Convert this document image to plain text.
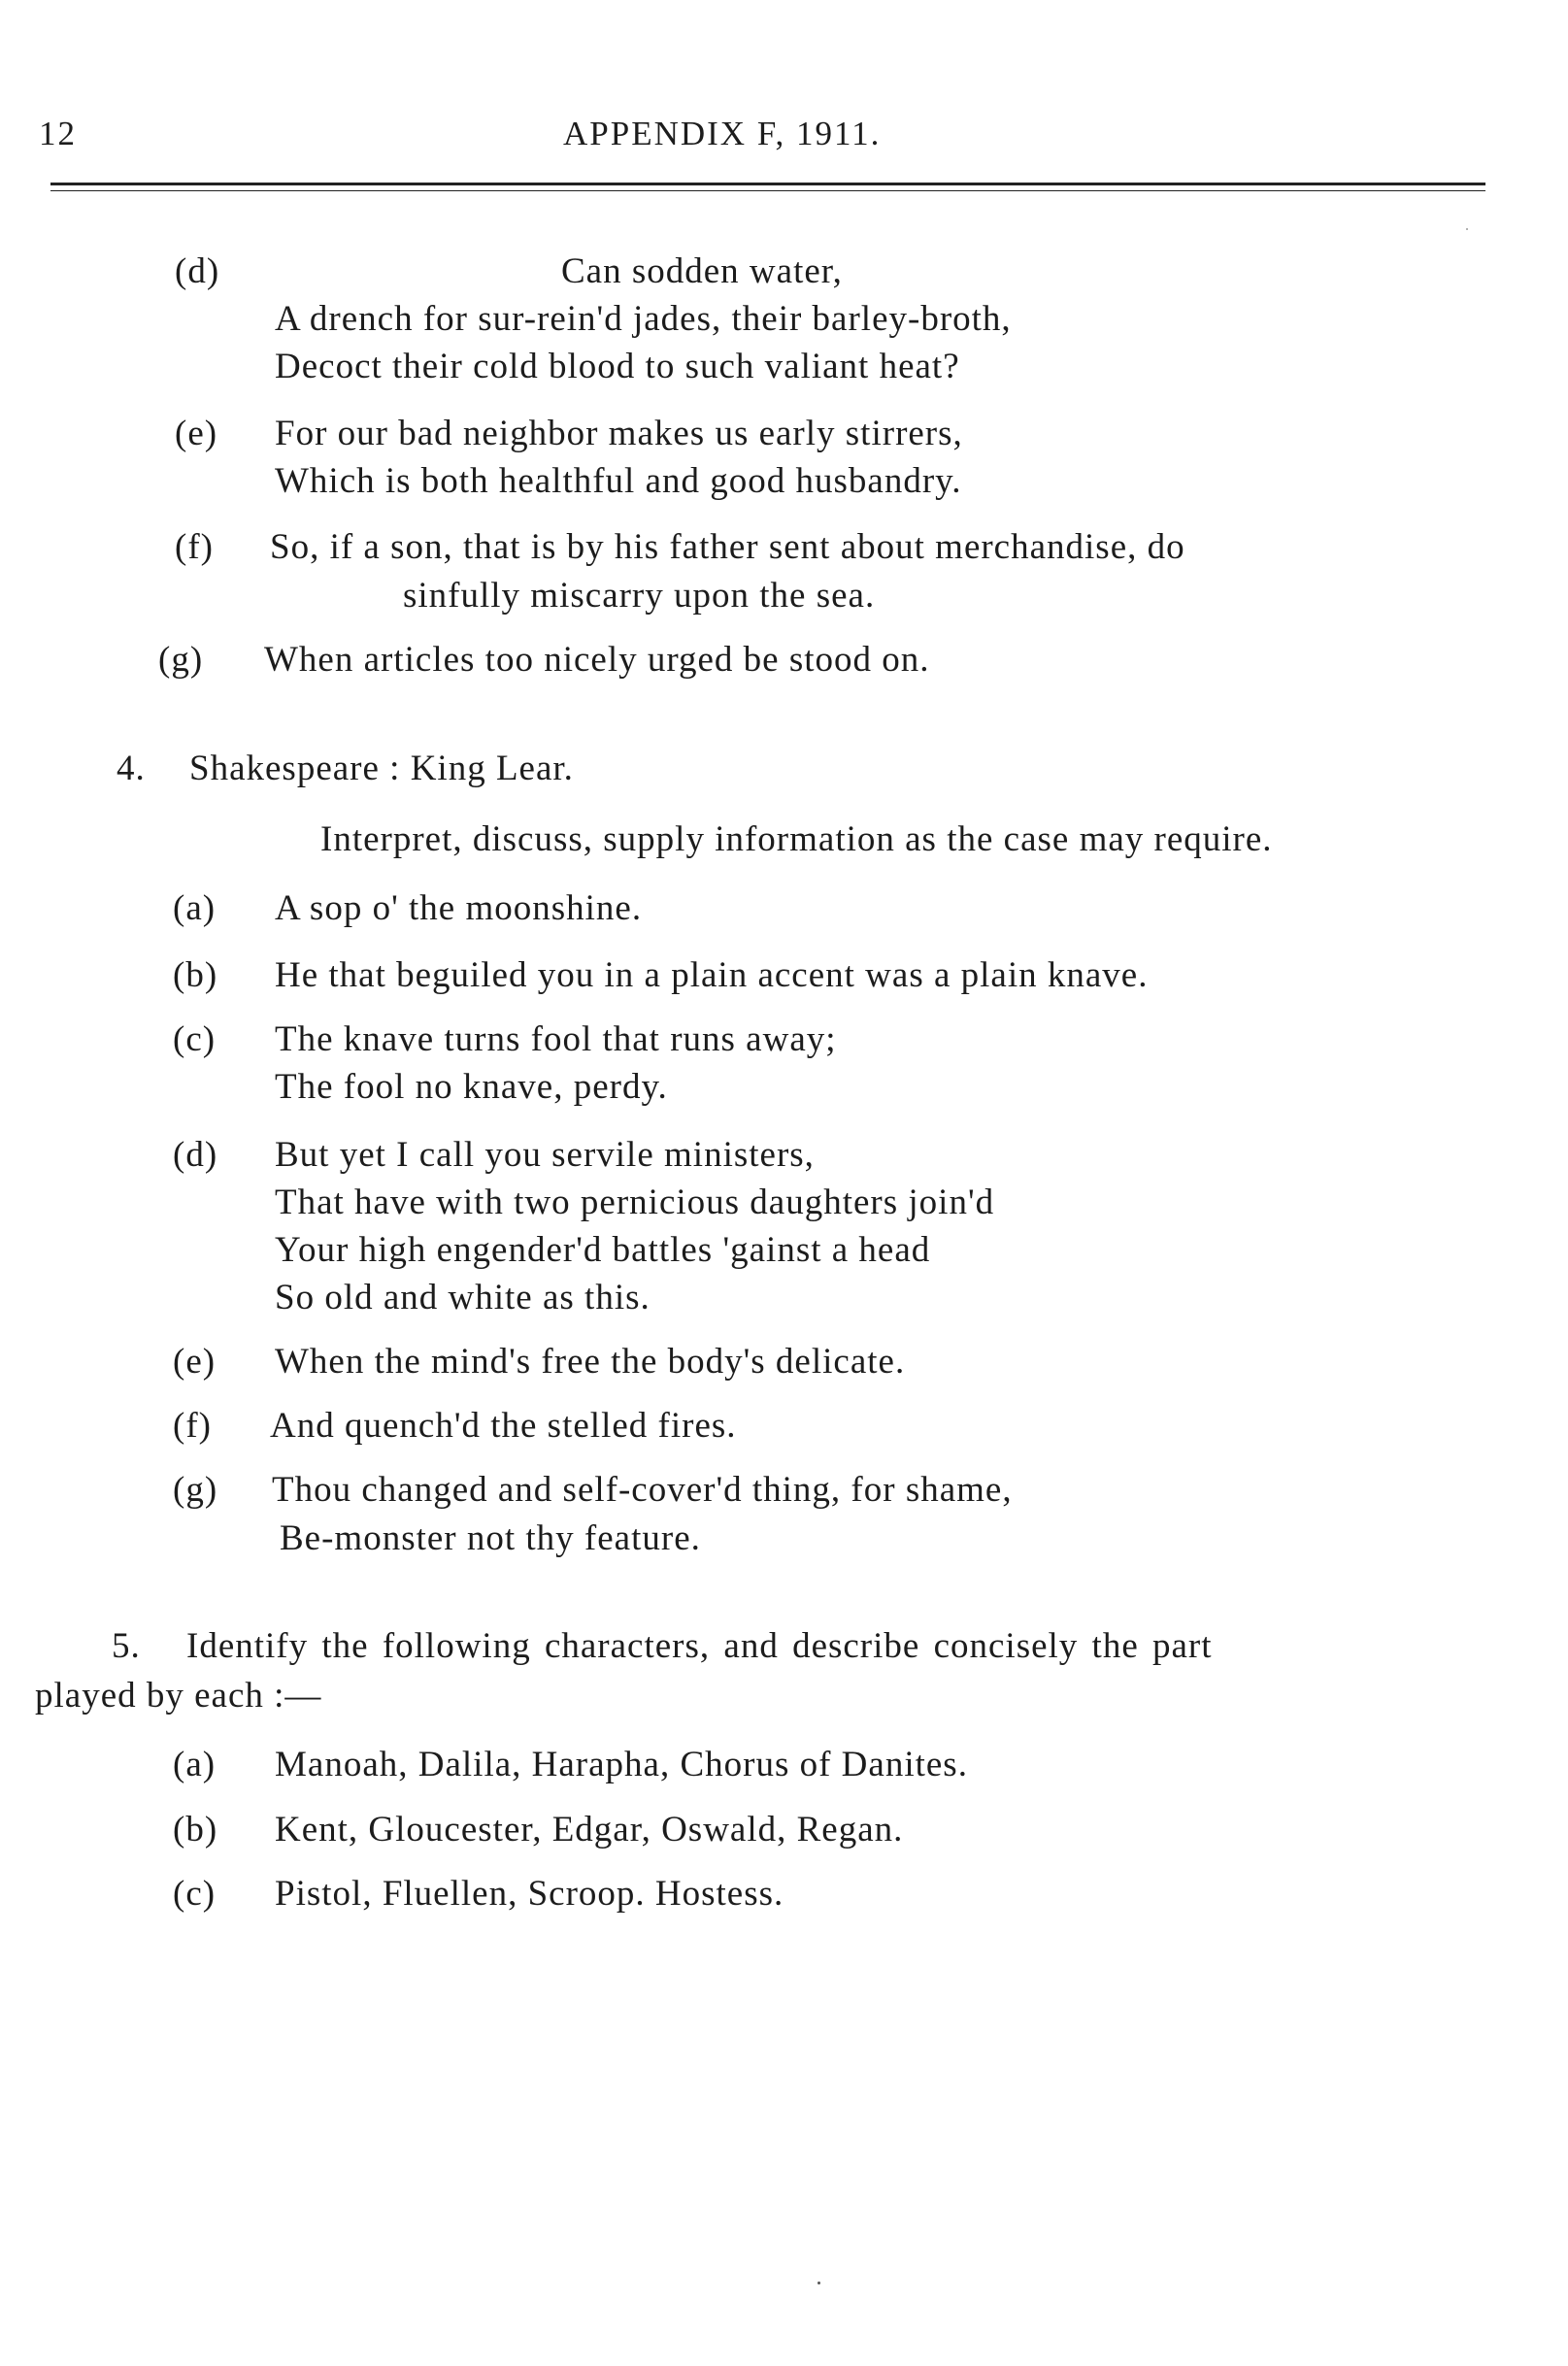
12	APPENDIX F, 1911.
(d)	Can sodden water,
A drench for sur-rein'd jades, their barley-broth,
Decoct their cold blood to such valiant heat?
(e) For our bad neighbor makes us early stirrers,
Which is both healthful and good husbandry.
(f) So, if a son, that is by his father sent about merchandise, do
sinfully miscarry upon the sea.
(g) When articles too nicely urged be stood on.
4. Shakespeare : King Lear.
Interpret, discuss, supply information as the case may require.
(a) A sop o' the moonshine.
(b) He that beguiled you in a plain accent was a plain knave.
(c) The knave turns fool that runs away;
The fool no knave, perdy.
(d) But yet I call you servile ministers,
That have with two pernicious daughters join'd
Your high engender'd battles 'gainst a head
So old and white as this.
(e) When the mind's free the body's delicate.
(f) And quench'd the stelled fires.
(g) Thou changed and self-cover'd thing, for shame,
Be-monster not thy feature.
5. Identify the following characters, and describe concisely the part
played by each :—
(a) Manoah, Dalila, Harapha, Chorus of Danites.
(b) Kent, Gloucester, Edgar, Oswald, Regan.
(c) Pistol, Fluellen, Scroop. Hostess.
